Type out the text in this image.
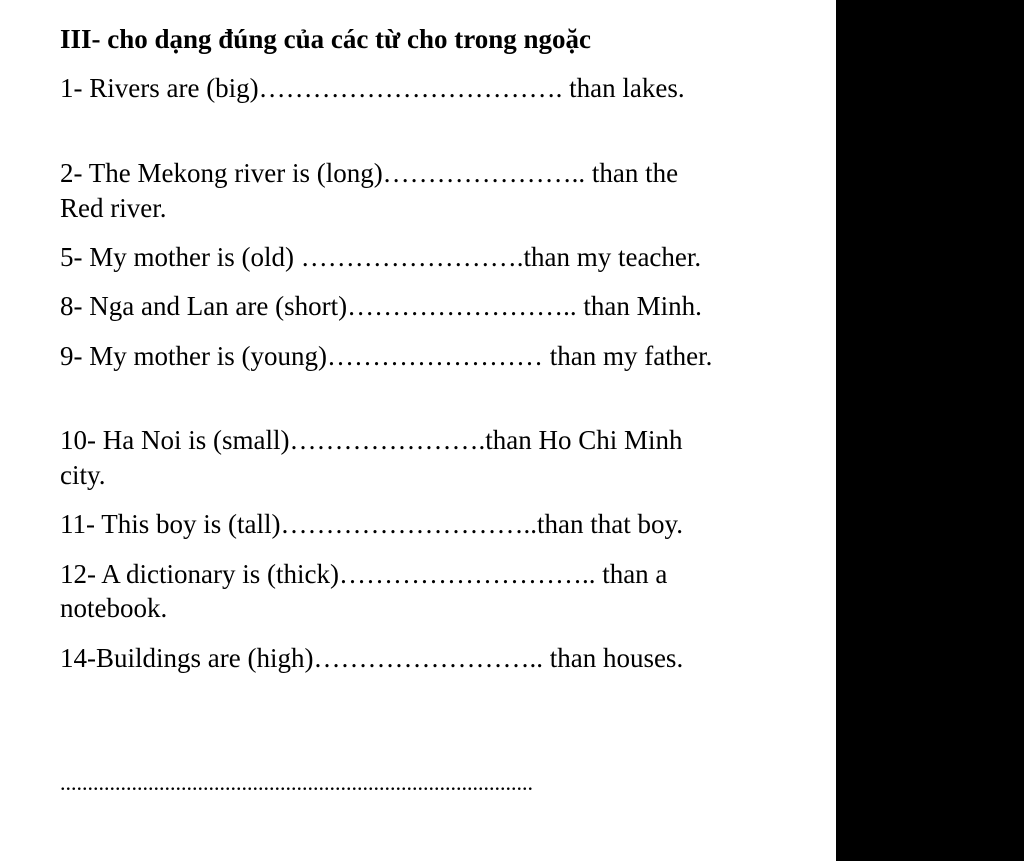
III- cho dạng đúng của các từ cho trong ngoặc
1- Rivers are (big)……………………………. than lakes.
2- The Mekong river is (long)………………….. than the
Red river.
5- My mother is (old) …………………….than my teacher.
8- Nga and Lan are (short)…………………….. than Minh.
9- My mother is (young)…………………… than my father.
10- Ha Noi is (small)………………….than Ho Chi Minh
city.
11- This boy is (tall)………………………..than that boy.
12- A dictionary is (thick)……………………….. than a
notebook.
14-Buildings are (high)…………………….. than houses.
......................................................................................
